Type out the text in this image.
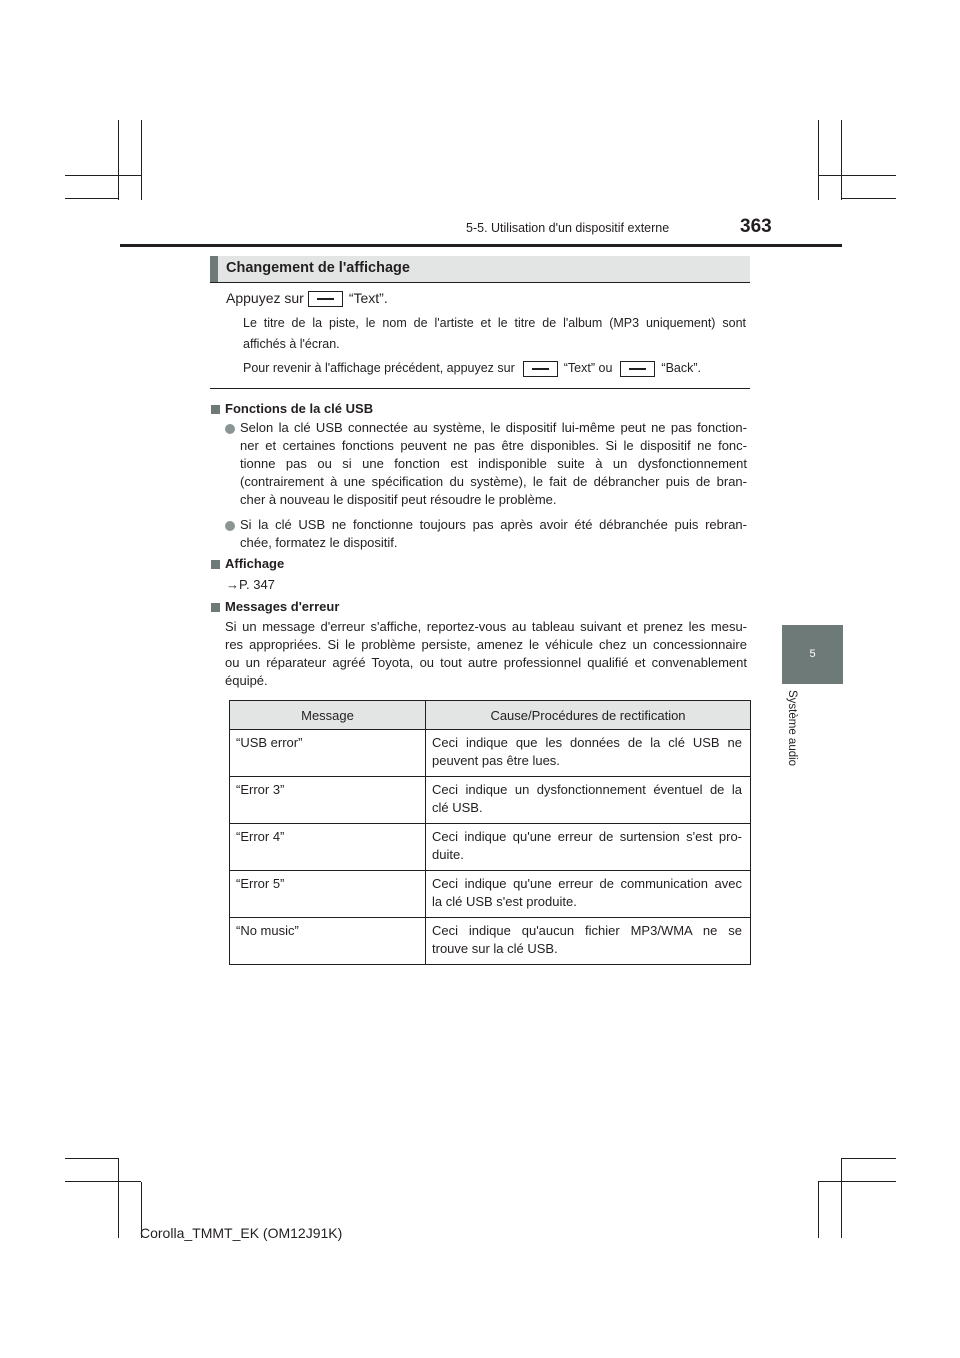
5-5. Utilisation d'un dispositif externe	363
5
Système audio
Changement de l'affichage
Appuyez sur	“Text”.
Le titre de la piste, le nom de l'artiste et le titre de l'album (MP3 uniquement) sont
affichés à l'écran.
Pour revenir à l'affichage précédent, appuyez sur	“Text” ou	“Back”.
Fonctions de la clé USB
Selon la clé USB connectée au système, le dispositif lui-même peut ne pas fonction-
ner et certaines fonctions peuvent ne pas être disponibles. Si le dispositif ne fonc-
tionne pas ou si une fonction est indisponible suite à un dysfonctionnement
(contrairement à une spécification du système), le fait de débrancher puis de bran-
cher à nouveau le dispositif peut résoudre le problème.
Si la clé USB ne fonctionne toujours pas après avoir été débranchée puis rebran-
chée, formatez le dispositif.
Affichage
→P. 347
Messages d'erreur
Si un message d'erreur s'affiche, reportez-vous au tableau suivant et prenez les mesu-
res appropriées. Si le problème persiste, amenez le véhicule chez un concessionnaire
ou un réparateur agréé Toyota, ou tout autre professionnel qualifié et convenablement
équipé.
Message	Cause/Procédures de rectification
“USB error”	Ceci indique que les données de la clé USB ne
peuvent pas être lues.
“Error 3”	Ceci indique un dysfonctionnement éventuel de la
clé USB.
“Error 4”	Ceci indique qu'une erreur de surtension s'est pro-
duite.
“Error 5”	Ceci indique qu'une erreur de communication avec
la clé USB s'est produite.
“No music”	Ceci indique qu'aucun fichier MP3/WMA ne se
trouve sur la clé USB.
Corolla_TMMT_EK (OM12J91K)
